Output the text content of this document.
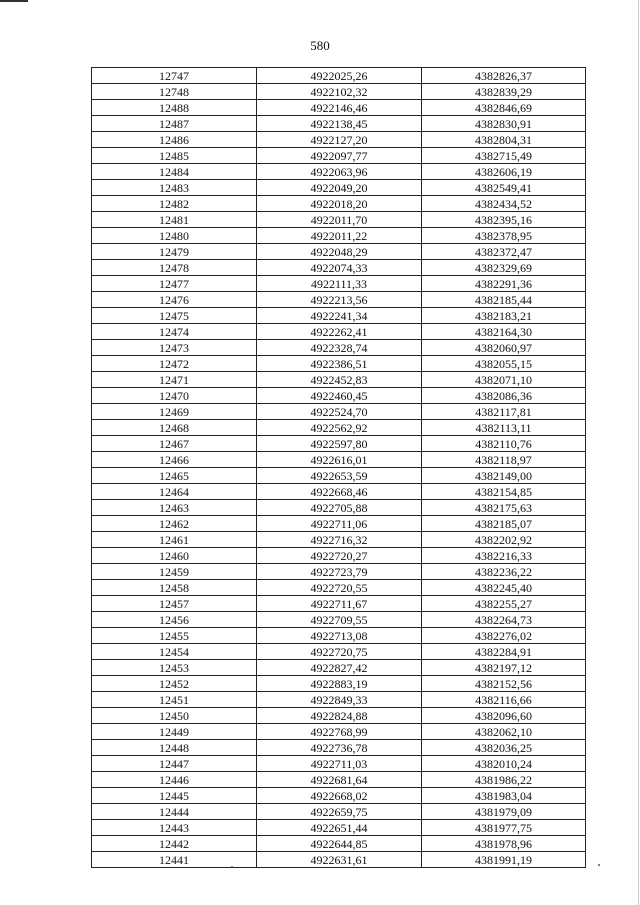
580
12747	4922025,26	4382826,37
12748	4922102,32	4382839,29
12488	4922146,46	4382846,69
12487	4922138,45	4382830,91
12486	4922127,20	4382804,31
12485	4922097,77	4382715,49
12484	4922063,96	4382606,19
12483	4922049,20	4382549,41
12482	4922018,20	4382434,52
12481	4922011,70	4382395,16
12480	4922011,22	4382378,95
12479	4922048,29	4382372,47
12478	4922074,33	4382329,69
12477	4922111,33	4382291,36
12476	4922213,56	4382185,44
12475	4922241,34	4382183,21
12474	4922262,41	4382164,30
12473	4922328,74	4382060,97
12472	4922386,51	4382055,15
12471	4922452,83	4382071,10
12470	4922460,45	4382086,36
12469	4922524,70	4382117,81
12468	4922562,92	4382113,11
12467	4922597,80	4382110,76
12466	4922616,01	4382118,97
12465	4922653,59	4382149,00
12464	4922668,46	4382154,85
12463	4922705,88	4382175,63
12462	4922711,06	4382185,07
12461	4922716,32	4382202,92
12460	4922720,27	4382216,33
12459	4922723,79	4382236,22
12458	4922720,55	4382245,40
12457	4922711,67	4382255,27
12456	4922709,55	4382264,73
12455	4922713,08	4382276,02
12454	4922720,75	4382284,91
12453	4922827,42	4382197,12
12452	4922883,19	4382152,56
12451	4922849,33	4382116,66
12450	4922824,88	4382096,60
12449	4922768,99	4382062,10
12448	4922736,78	4382036,25
12447	4922711,03	4382010,24
12446	4922681,64	4381986,22
12445	4922668,02	4381983,04
12444	4922659,75	4381979,09
12443	4922651,44	4381977,75
12442	4922644,85	4381978,96
12441	4922631,61	4381991,19
